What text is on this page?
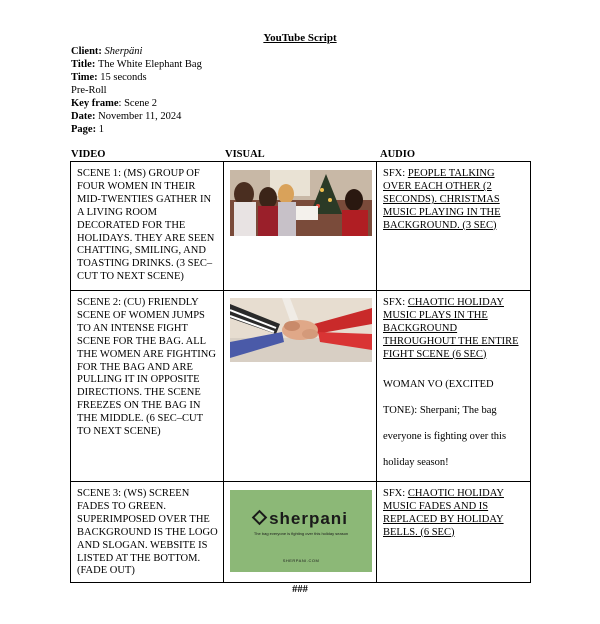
YouTube Script
Client: Sherpäni
Title: The White Elephant Bag
Time: 15 seconds
Pre-Roll
Key frame: Scene 2
Date: November 11, 2024
Page: 1
VIDEO	VISUAL	AUDIO
SCENE 1: (MS) GROUP OF FOUR WOMEN IN THEIR MID-TWENTIES GATHER IN A LIVING ROOM DECORATED FOR THE HOLIDAYS. THEY ARE SEEN CHATTING, SMILING, AND TOASTING DRINKS. (3 SEC–CUT TO NEXT SCENE)		SFX: PEOPLE TALKING OVER EACH OTHER (2 SECONDS). CHRISTMAS MUSIC PLAYING IN THE BACKGROUND. (3 SEC)
SCENE 2: (CU) FRIENDLY SCENE OF WOMEN JUMPS TO AN INTENSE FIGHT SCENE FOR THE BAG. ALL THE WOMEN ARE FIGHTING FOR THE BAG AND ARE PULLING IT IN OPPOSITE DIRECTIONS. THE SCENE FREEZES ON THE BAG IN THE MIDDLE. (6 SEC–CUT TO NEXT SCENE)		SFX: CHAOTIC HOLIDAY MUSIC PLAYS IN THE BACKGROUND THROUGHOUT THE ENTIRE FIGHT SCENE (6 SEC)
WOMAN VO (EXCITED TONE): Sherpani; The bag everyone is fighting over this holiday season!

SCENE 3: (WS) SCREEN FADES TO GREEN. SUPERIMPOSED OVER THE BACKGROUND IS THE LOGO AND SLOGAN. WEBSITE IS LISTED AT THE BOTTOM. (FADE OUT)	sherpani
The bag everyone is fighting over this holiday season
SHERPANI.COM	SFX: CHAOTIC HOLIDAY MUSIC FADES AND IS REPLACED BY HOLIDAY BELLS. (6 SEC)
###
